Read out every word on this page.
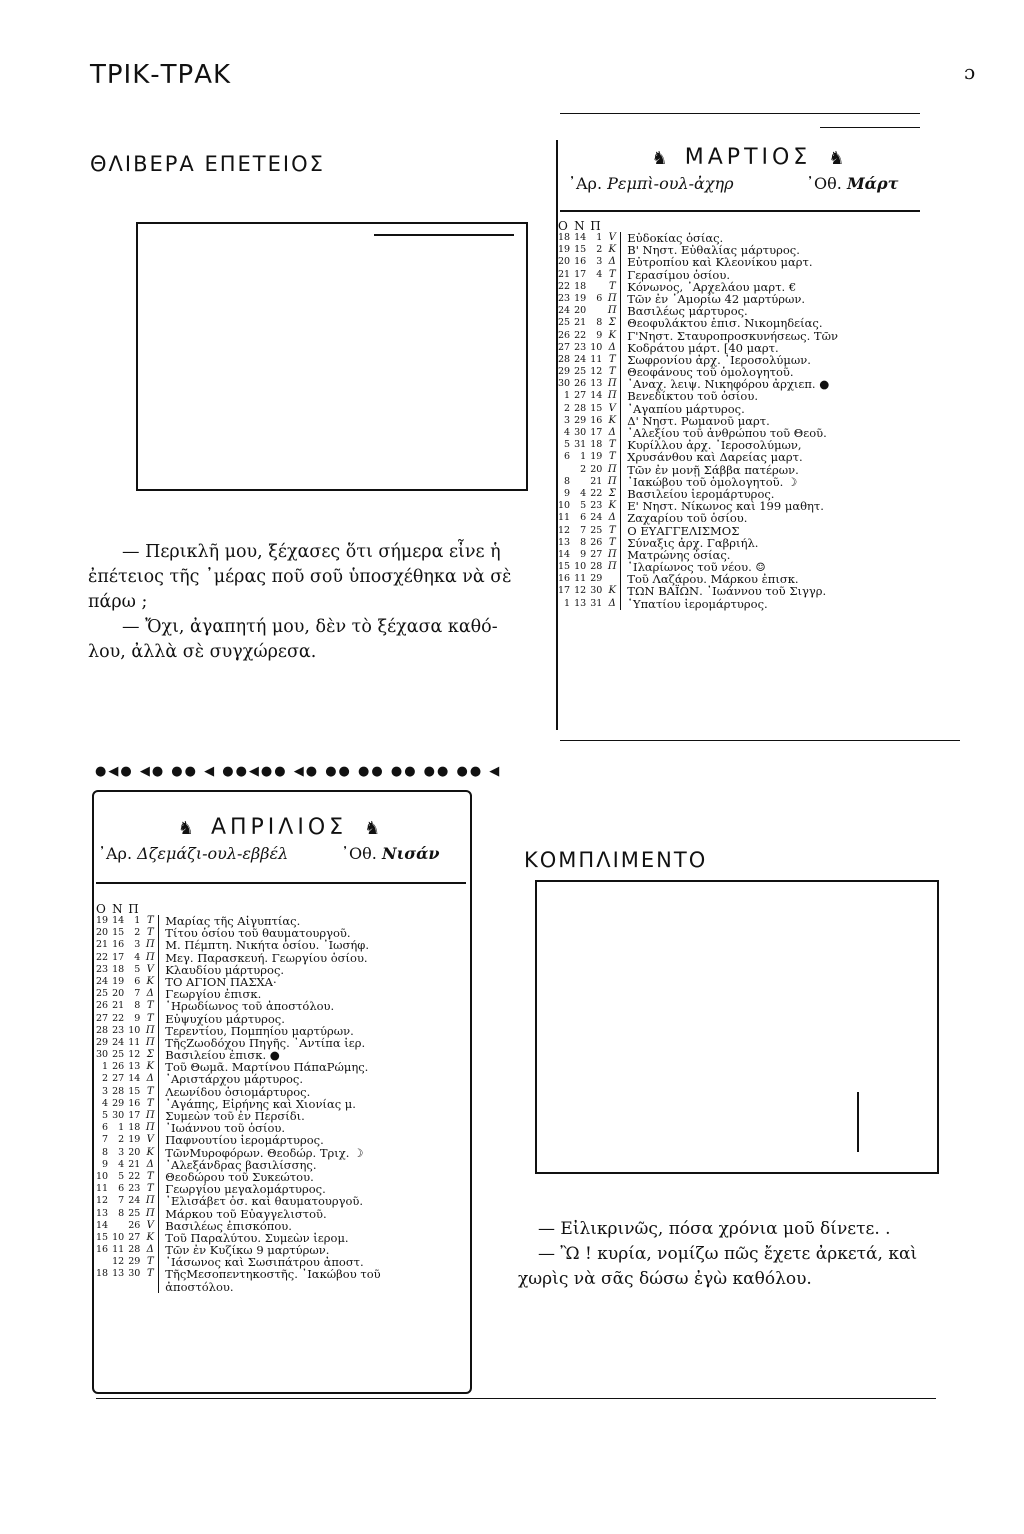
ΤΡΙΚ-ΤΡΑΚ	ɔ
ΘΛΙΒΕΡΑ ΕΠΕΤΕΙΟΣ
— Περικλῆ μου, ξέχασες ὅτι σήμερα εἶνε ἡ
ἐπέτειος τῆς ᾿μέρας ποῦ σοῦ ὑποσχέθηκα νὰ σὲ
πάρω ;
— Ὄχι, ἀγαπητή μου, δὲν τὸ ξέχασα καθό-
λου, ἀλλὰ σὲ συγχώρεσα.
♞ ΜΑΡΤΙΟΣ ♞
᾿Αρ. Ρεμπὶ-ουλ-ἀχηρ	᾿Οθ. Μάρτ
Ο	Ν	Π		
18	14	1	Ⅴ	Εὐδοκίας ὁσίας.
19	15	2	Κ	Β' Νηστ. Εὐθαλίας μάρτυρος.
20	16	3	Δ	Εὐτροπίου καὶ Κλεονίκου μαρτ.
21	17	4	Τ	Γερασίμου ὁσίου.
22	18		Τ	Κόνωνος, ᾿Αρχελάου μαρτ. €
23	19	6	Π	Τῶν ἐν ᾿Αμορίω 42 μαρτύρων.
24	20		Π	Βασιλέως μάρτυρος.
25	21	8	Σ	Θεοφυλάκτου ἐπισ. Νικομηδείας.
26	22	9	Κ	Γ'Νηστ. Σταυροπροσκυνήσεως. Τῶν
27	23	10	Δ	Κοδράτου μάρτ. [40 μαρτ.
28	24	11	Τ	Σωφρονίου ἀρχ. ῾Ιεροσολύμων.
29	25	12	Τ	Θεοφάνους τοῦ ὁμολογητοῦ.
30	26	13	Π	᾿Αναχ. λειψ. Νικηφόρου ἀρχιεπ. ●
1	27	14	Π	Βενεδίκτου τοῦ ὁσίου.
2	28	15	Ⅴ	᾿Αγαπίου μάρτυρος.
3	29	16	Κ	Δ' Νηστ. Ρωμανοῦ μαρτ.
4	30	17	Δ	᾿Αλεξίου τοῦ ἀνθρώπου τοῦ Θεοῦ.
5	31	18	Τ	Κυρίλλου ἀρχ. ᾿Ιεροσολύμων,
6	1	19	Τ	Χρυσάνθου καὶ Δαρείας μαρτ.
	2	20	Π	Τῶν ἐν μονῇ Σάββα πατέρων.
8		21	Π	᾿Ιακώβου τοῦ ὁμολογητοῦ. ☽
9	4	22	Σ	Βασιλείου ἱερομάρτυρος.
10	5	23	Κ	Ε' Νηστ. Νίκωνος καὶ 199 μαθητ.
11	6	24	Δ	Ζαχαρίου τοῦ ὁσίου.
12	7	25	Τ	Ο ΕΥΑΓΓΕΛΙΣΜΟΣ
13	8	26	Τ	Σύναξις ἀρχ. Γαβριήλ.
14	9	27	Π	Ματρώνης ὁσίας.
15	10	28	Π	῾Ιλαρίωνος τοῦ νέου. ☺
16	11	29		Τοῦ Λαζάρου. Μάρκου ἐπισκ.
17	12	30	Κ	ΤΩΝ ΒΑΪΩΝ. ᾿Ιωάννου τοῦ Σιγγρ.
1	13	31	Δ	῾Υπατίου ἱερομάρτυρος.
●◀● ◀● ●● ◀ ●●◀●● ◀● ●● ●● ●● ●● ●● ◀
♞ ΑΠΡΙΛΙΟΣ ♞
᾿Αρ. Δζεμάζι-ουλ-εββέλ	᾿Οθ. Νισάν
Ο	Ν	Π		
19	14	1	Τ	Μαρίας τῆς Αἰγυπτίας.
20	15	2	Τ	Τίτου ὁσίου τοῦ θαυματουργοῦ.
21	16	3	Π	Μ. Πέμπτη. Νικήτα ὁσίου. ᾿Ιωσήφ.
22	17	4	Π	Μεγ. Παρασκευή. Γεωργίου ὁσίου.
23	18	5	Ⅴ	Κλαυδίου μάρτυρος.
24	19	6	Κ	ΤΟ ΑΓΙΟΝ ΠΑΣΧΑ·
25	20	7	Δ	Γεωργίου ἐπισκ.
26	21	8	Τ	῾Ηρωδίωνος τοῦ ἀποστόλου.
27	22	9	Τ	Εὐψυχίου μάρτυρος.
28	23	10	Π	Τερεντίου, Πομπηίου μαρτύρων.
29	24	11	Π	ΤῆςΖωοδόχου Πηγῆς. ᾿Αντίπα ἱερ.
30	25	12	Σ	Βασιλείου ἐπισκ. ●
1	26	13	Κ	Τοῦ Θωμᾶ. Μαρτίνου ΠάπαΡώμης.
2	27	14	Δ	᾿Αριστάρχου μάρτυρος.
3	28	15	Τ	Λεωνίδου ὁσιομάρτυρος.
4	29	16	Τ	᾿Αγάπης, Εἰρήνης καὶ Χιονίας μ.
5	30	17	Π	Συμεὼν τοῦ ἐν Περσίδι.
6	1	18	Π	᾿Ιωάννου τοῦ ὁσίου.
7	2	19	Ⅴ	Παφνουτίου ἱερομάρτυρος.
8	3	20	Κ	ΤῶνΜυροφόρων. Θεοδώρ. Τριχ. ☽
9	4	21	Δ	᾿Αλεξάνδρας βασιλίσσης.
10	5	22	Τ	Θεοδώρου τοῦ Συκεώτου.
11	6	23	Τ	Γεωργίου μεγαλομάρτυρος.
12	7	24	Π	᾿Ελισάβετ ὁσ. καὶ θαυματουργοῦ.
13	8	25	Π	Μάρκου τοῦ Εὐαγγελιστοῦ.
14		26	Ⅴ	Βασιλέως ἐπισκόπου.
15	10	27	Κ	Τοῦ Παραλύτου. Συμεὼν ἱερομ.
16	11	28	Δ	Τῶν ἐν Κυζίκω 9 μαρτύρων.
	12	29	Τ	᾿Ιάσωνος καὶ Σωσιπάτρου ἀποστ.
18	13	30	Τ	ΤῆςΜεσοπεντηκοστῆς. ᾿Ιακώβου τοῦ
				ἀποστόλου.
ΚΟΜΠΛΙΜΕΝΤΟ
— Εἰλικρινῶς, πόσα χρόνια μοῦ δίνετε. .
— Ὢ ! κυρία, νομίζω πῶς ἔχετε ἀρκετά, καὶ
χωρὶς νὰ σᾶς δώσω ἐγὼ καθόλου.
